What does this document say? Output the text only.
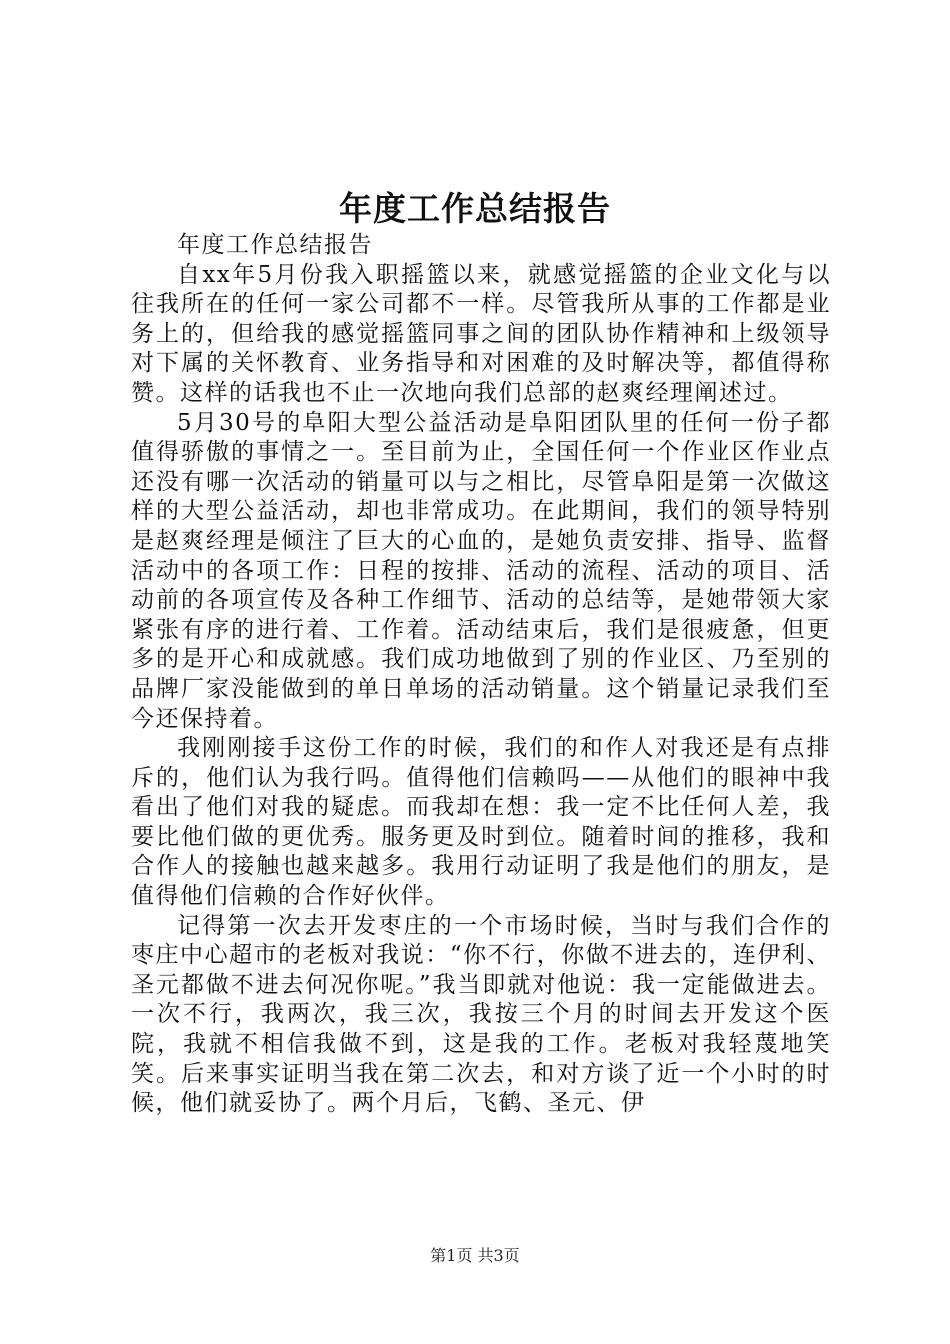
年度工作总结报告

年度工作总结报告

自xx年5月份我入职摇篮以来，就感觉摇篮的企业文化与以往我所在的任何一家公司都不一样。尽管我所从事的工作都是业务上的，但给我的感觉摇篮同事之间的团队协作精神和上级领导对下属的关怀教育、业务指导和对困难的及时解决等，都值得称赞。这样的话我也不止一次地向我们总部的赵爽经理阐述过。

5月30号的阜阳大型公益活动是阜阳团队里的任何一份子都值得骄傲的事情之一。至目前为止，全国任何一个作业区作业点还没有哪一次活动的销量可以与之相比，尽管阜阳是第一次做这样的大型公益活动，却也非常成功。在此期间，我们的领导特别是赵爽经理是倾注了巨大的心血的，是她负责安排、指导、监督活动中的各项工作：日程的按排、活动的流程、活动的项目、活动前的各项宣传及各种工作细节、活动的总结等，是她带领大家紧张有序的进行着、工作着。活动结束后，我们是很疲惫，但更多的是开心和成就感。我们成功地做到了别的作业区、乃至别的品牌厂家没能做到的单日单场的活动销量。这个销量记录我们至今还保持着。

我刚刚接手这份工作的时候，我们的和作人对我还是有点排斥的，他们认为我行吗。值得他们信赖吗——从他们的眼神中我看出了他们对我的疑虑。而我却在想：我一定不比任何人差，我要比他们做的更优秀。服务更及时到位。随着时间的推移，我和合作人的接触也越来越多。我用行动证明了我是他们的朋友，是值得他们信赖的合作好伙伴。

记得第一次去开发枣庄的一个市场时候，当时与我们合作的枣庄中心超市的老板对我说：“你不行，你做不进去的，连伊利、圣元都做不进去何况你呢。”我当即就对他说：我一定能做进去。一次不行，我两次，我三次，我按三个月的时间去开发这个医院，我就不相信我做不到，这是我的工作。老板对我轻蔑地笑笑。后来事实证明当我在第二次去，和对方谈了近一个小时的时候，他们就妥协了。两个月后，飞鹤、圣元、伊

第1页 共3页
